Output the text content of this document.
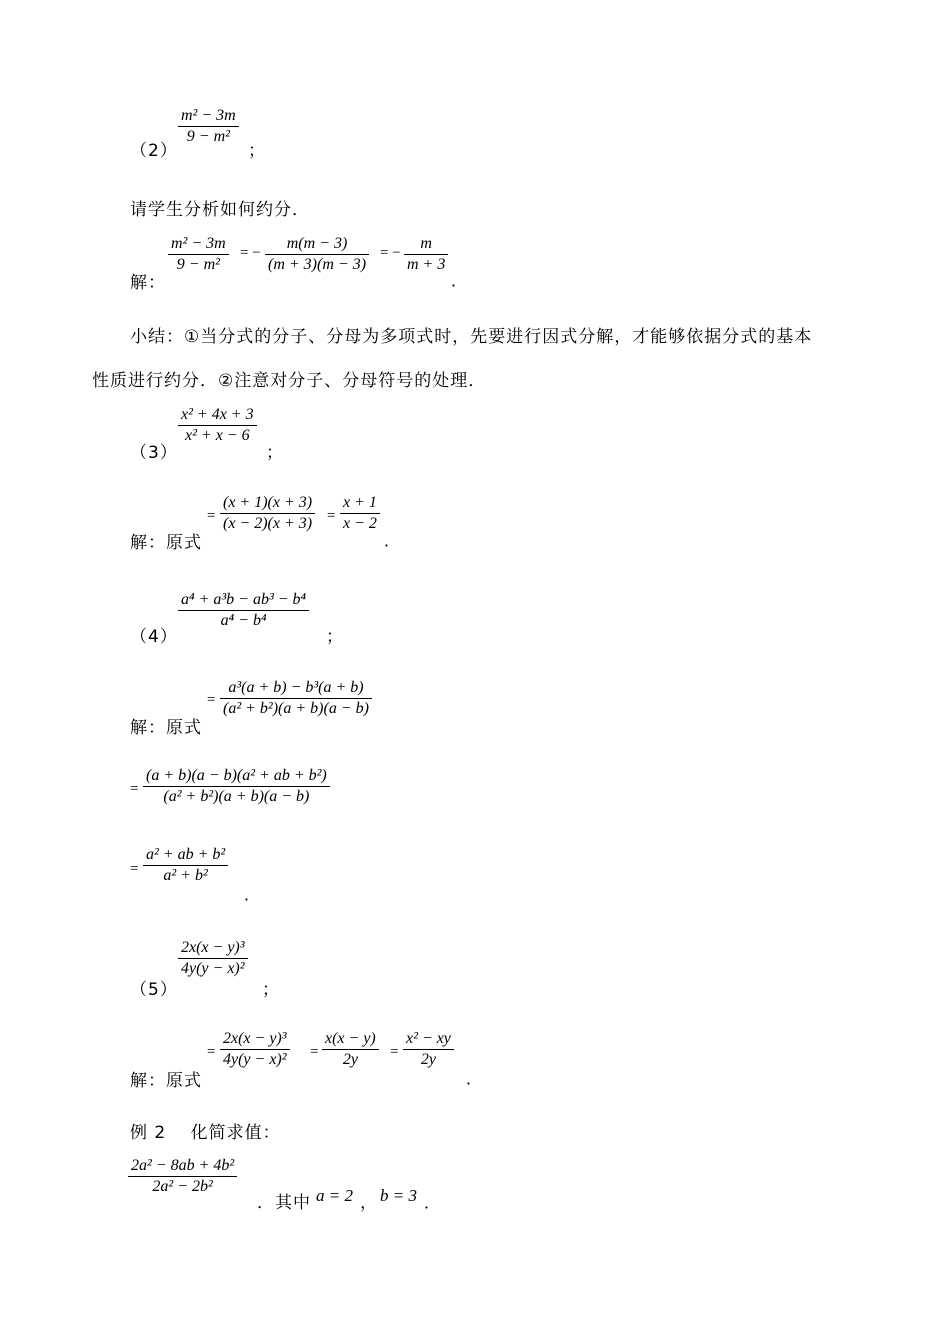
（2）
m² − 3m
9 − m²
；
请学生分析如何约分．
解：
m² − 3m
9 − m²
= −
m(m − 3)
(m + 3)(m − 3)
= −
m
m + 3
．
小结：①当分式的分子、分母为多项式时，先要进行因式分解，才能够依据分式的基本
性质进行约分．②注意对分子、分母符号的处理．
（3）
x² + 4x + 3
x² + x − 6
；
解：原式
=
(x + 1)(x + 3)
(x − 2)(x + 3) =
x + 1
x − 2
．
（4）
a⁴ + a³b − ab³ − b⁴
a⁴ − b⁴
；
解：原式
=
a³(a + b) − b³(a + b)
(a² + b²)(a + b)(a − b)
=
(a + b)(a − b)(a² + ab + b²)
(a² + b²)(a + b)(a − b)
=
a² + ab + b²
a² + b²
．
（5）
2x(x − y)³
4y(y − x)²
；
解：原式
=
2x(x − y)³
4y(y − x)² =
x(x − y)
2y =
x² − xy
2y
．
例 2　 化简求值：
2a² − 8ab + 4b²
2a² − 2b²
．其中 a = 2 ， b = 3 ．
